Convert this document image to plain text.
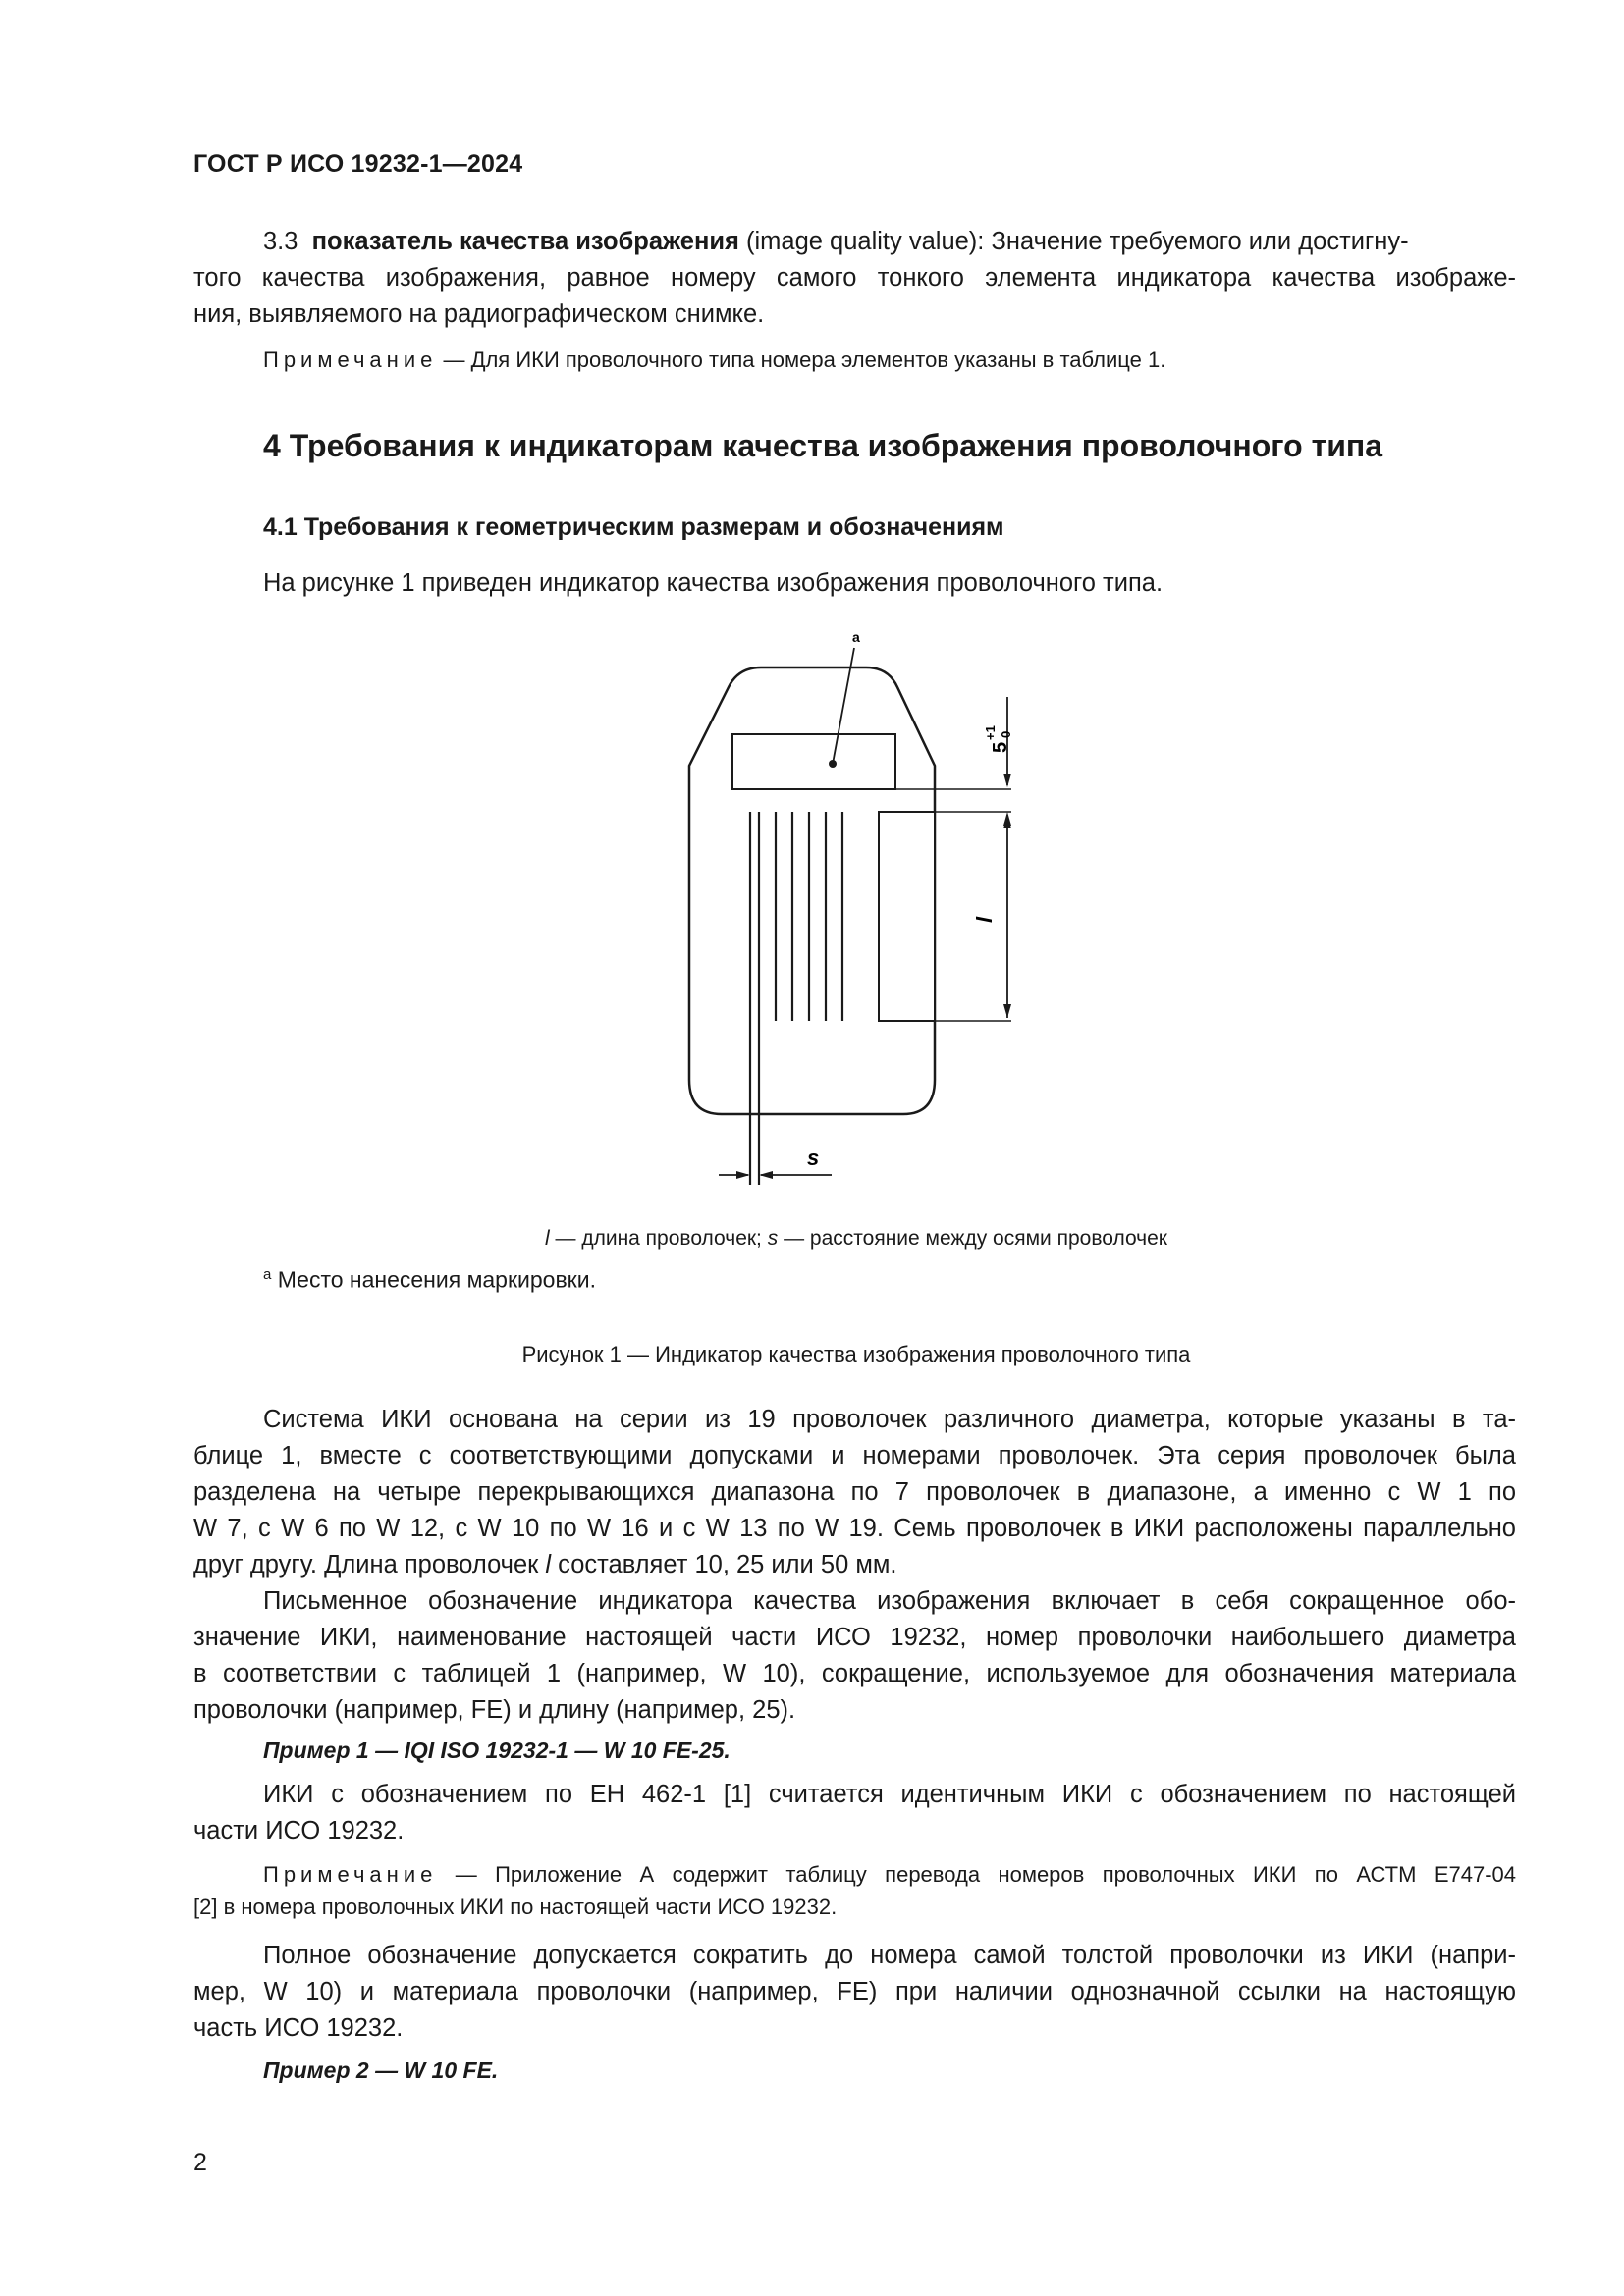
ГОСТ Р ИСО 19232-1—2024
3.3 показатель качества изображения (image quality value): Значение требуемого или достигну-
того качества изображения, равное номеру самого тонкого элемента индикатора качества изображе-
ния, выявляемого на радиографическом снимке.
Примечание — Для ИКИ проволочного типа номера элементов указаны в таблице 1.
4 Требования к индикаторам качества изображения проволочного типа
4.1 Требования к геометрическим размерам и обозначениям
На рисунке 1 приведен индикатор качества изображения проволочного типа.
a
l
5
+1 0
s
l — длина проволочек; s — расстояние между осями проволочек
$^a$ Место нанесения маркировки.
Рисунок 1 — Индикатор качества изображения проволочного типа
Система ИКИ основана на серии из 19 проволочек различного диаметра, которые указаны в та-
блице 1, вместе с соответствующими допусками и номерами проволочек. Эта серия проволочек была
разделена на четыре перекрывающихся диапазона по 7 проволочек в диапазоне, а именно с W 1 по
W 7, с W 6 по W 12, с W 10 по W 16 и с W 13 по W 19. Семь проволочек в ИКИ расположены параллельно
друг другу. Длина проволочек l составляет 10, 25 или 50 мм.
Письменное обозначение индикатора качества изображения включает в себя сокращенное обо-
значение ИКИ, наименование настоящей части ИСО 19232, номер проволочки наибольшего диаметра
в соответствии с таблицей 1 (например, W 10), сокращение, используемое для обозначения материала
проволочки (например, FE) и длину (например, 25).
Пример 1 — IQI ISO 19232-1 — W 10 FE-25.
ИКИ с обозначением по ЕН 462-1 [1] считается идентичным ИКИ с обозначением по настоящей
части ИСО 19232.
Примечание — Приложение А содержит таблицу перевода номеров проволочных ИКИ по АСТМ Е747-04
[2] в номера проволочных ИКИ по настоящей части ИСО 19232.
Полное обозначение допускается сократить до номера самой толстой проволочки из ИКИ (напри-
мер, W 10) и материала проволочки (например, FE) при наличии однозначной ссылки на настоящую
часть ИСО 19232.
Пример 2 — W 10 FE.
2
